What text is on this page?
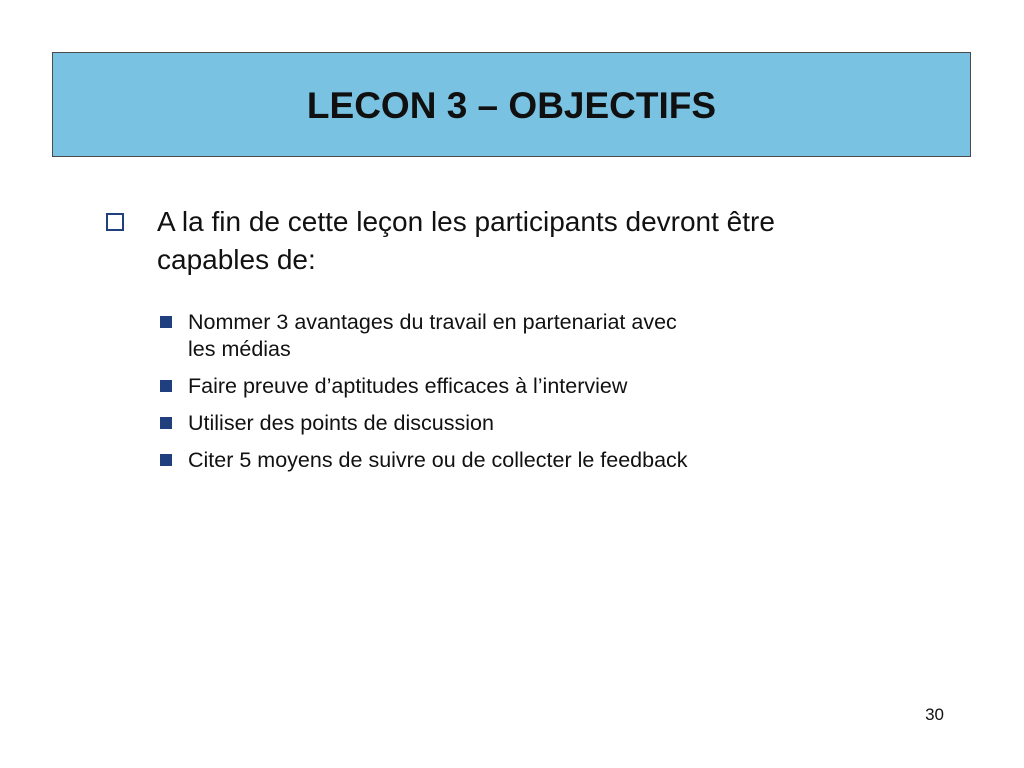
LECON 3 – OBJECTIFS
A la fin de cette leçon les participants devront être capables de:
Nommer 3 avantages du travail en partenariat avec
les médias
Faire preuve d’aptitudes efficaces à l’interview
Utiliser des points de discussion
Citer 5 moyens de suivre ou de collecter le feedback
30
